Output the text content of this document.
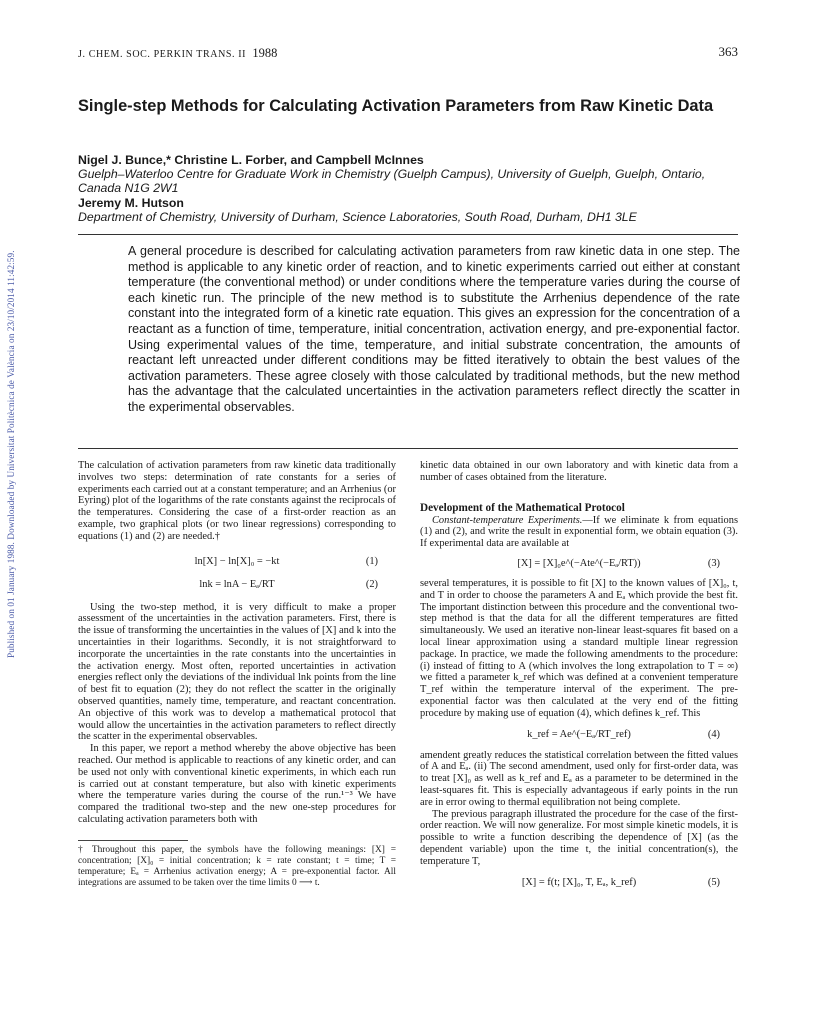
Published on 01 January 1988. Downloaded by Universitat Politècnica de València on 23/10/2014 11:42:59.
J. CHEM. SOC. PERKIN TRANS. II 1988	363
Single-step Methods for Calculating Activation Parameters from Raw Kinetic Data
Nigel J. Bunce,* Christine L. Forber, and Campbell McInnes
Guelph–Waterloo Centre for Graduate Work in Chemistry (Guelph Campus), University of Guelph, Guelph, Ontario, Canada N1G 2W1
Jeremy M. Hutson
Department of Chemistry, University of Durham, Science Laboratories, South Road, Durham, DH1 3LE

A general procedure is described for calculating activation parameters from raw kinetic data in one step. The method is applicable to any kinetic order of reaction, and to kinetic experiments carried out either at constant temperature (the conventional method) or under conditions where the temperature varies during the course of each kinetic run. The principle of the new method is to substitute the Arrhenius dependence of the rate constant into the integrated form of a kinetic rate equation. This gives an expression for the concentration of a reactant as a function of time, temperature, initial concentration, activation energy, and pre-exponential factor. Using experimental values of the time, temperature, and initial substrate concentration, the amounts of reactant left unreacted under different conditions may be fitted iteratively to obtain the best values of the activation parameters. These agree closely with those calculated by traditional methods, but the new method has the advantage that the calculated uncertainties in the activation parameters reflect directly the scatter in the experimental observables.

The calculation of activation parameters from raw kinetic data traditionally involves two steps: determination of rate constants for a series of experiments each carried out at a constant temperature; and an Arrhenius (or Eyring) plot of the logarithms of the rate constants against the reciprocals of the temperatures. Considering the case of a first-order reaction as an example, two graphical plots (or two linear regressions) corresponding to equations (1) and (2) are needed.†

ln[X] − ln[X]₀ = −kt	(1)
lnk = lnA − Eₐ/RT	(2)

Using the two-step method, it is very difficult to make a proper assessment of the uncertainties in the activation parameters. First, there is the issue of transforming the uncertainties in the values of [X] and k into the uncertainties in their logarithms. Secondly, it is not straightforward to incorporate the uncertainties in the rate constants into the uncertainties in the activation energy. Most often, reported uncertainties in activation energies reflect only the deviations of the individual lnk points from the line of best fit to equation (2); they do not reflect the scatter in the originally observed quantities, namely time, temperature, and reactant concentration. An objective of this work was to develop a mathematical protocol that would allow the uncertainties in the activation parameters to reflect directly the scatter in the experimental observables.

In this paper, we report a method whereby the above objective has been reached. Our method is applicable to reactions of any kinetic order, and can be used not only with conventional kinetic experiments, in which each run is carried out at constant temperature, but also with kinetic experiments where the temperature varies during the course of the run.¹⁻³ We have compared the traditional two-step and the new one-step procedures for calculating activation parameters both with

† Throughout this paper, the symbols have the following meanings: [X] = concentration; [X]₀ = initial concentration; k = rate constant; t = time; T = temperature; Eₐ = Arrhenius activation energy; A = pre-exponential factor. All integrations are assumed to be taken over the time limits 0 ⟶ t.

kinetic data obtained in our own laboratory and with kinetic data from a number of cases obtained from the literature.

Development of the Mathematical Protocol

Constant-temperature Experiments.—If we eliminate k from equations (1) and (2), and write the result in exponential form, we obtain equation (3). If experimental data are available at

[X] = [X]₀e^(−Ate^(−Eₐ/RT))	(3)

several temperatures, it is possible to fit [X] to the known values of [X]₀, t, and T in order to choose the parameters A and Eₐ which provide the best fit. The important distinction between this procedure and the conventional two-step method is that the data for all the different temperatures are fitted simultaneously. We used an iterative non-linear least-squares fit based on a local linear approximation using a standard multiple linear regression package. In practice, we made the following amendments to the procedure: (i) instead of fitting to A (which involves the long extrapolation to T = ∞) we fitted a parameter k_ref which was defined at a convenient temperature T_ref within the temperature interval of the experiment. The pre-exponential factor was then calculated at the very end of the fitting procedure by making use of equation (4), which defines k_ref. This

k_ref = Ae^(−Eₐ/RT_ref)	(4)

amendent greatly reduces the statistical correlation between the fitted values of A and Eₐ. (ii) The second amendment, used only for first-order data, was to treat [X]₀ as well as k_ref and Eₐ as a parameter to be determined in the least-squares fit. This is especially advantageous if early points in the run are in error owing to thermal equilibration not being complete.

The previous paragraph illustrated the procedure for the case of the first-order reaction. We will now generalize. For most simple kinetic models, it is possible to write a function describing the dependence of [X] (as the dependent variable) upon the time t, the initial concentration(s), the temperature T,

[X] = f(t; [X]₀, T, Eₐ, k_ref)	(5)
